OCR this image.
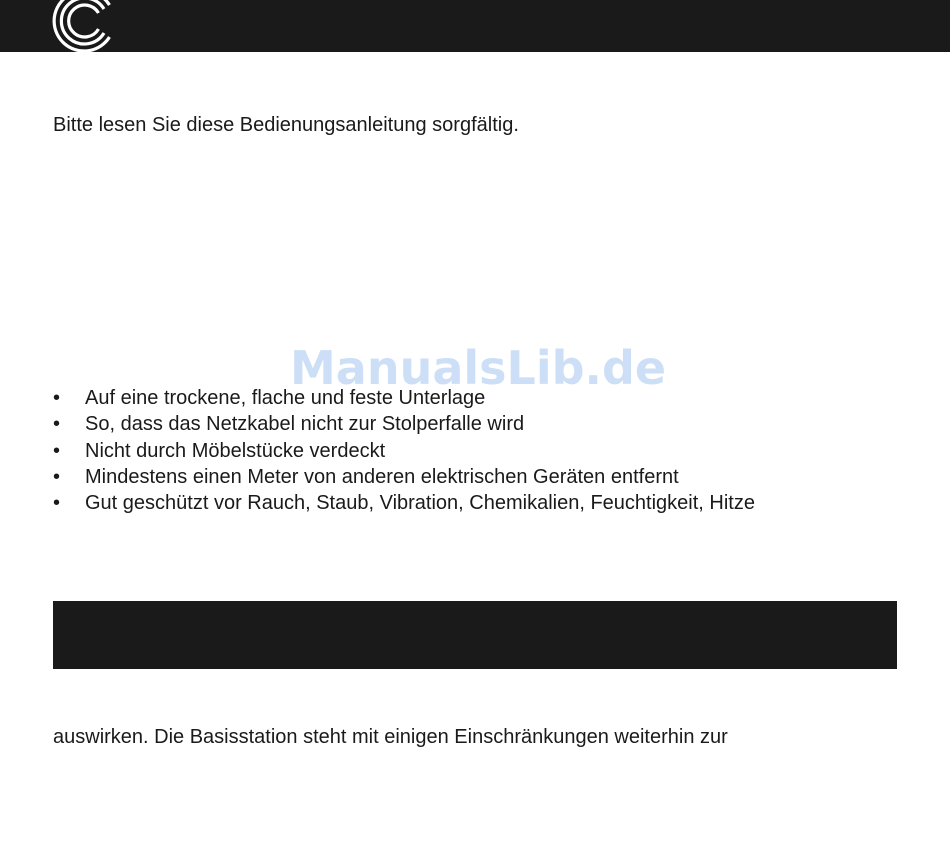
Bitte lesen Sie diese Bedienungsanleitung sorgfältig.
ManualsLib.de
• Auf eine trockene, flache und feste Unterlage
• So, dass das Netzkabel nicht zur Stolperfalle wird
• Nicht durch Möbelstücke verdeckt
• Mindestens einen Meter von anderen elektrischen Geräten entfernt
• Gut geschützt vor Rauch, Staub, Vibration, Chemikalien, Feuchtigkeit, Hitze
auswirken. Die Basisstation steht mit einigen Einschränkungen weiterhin zur
